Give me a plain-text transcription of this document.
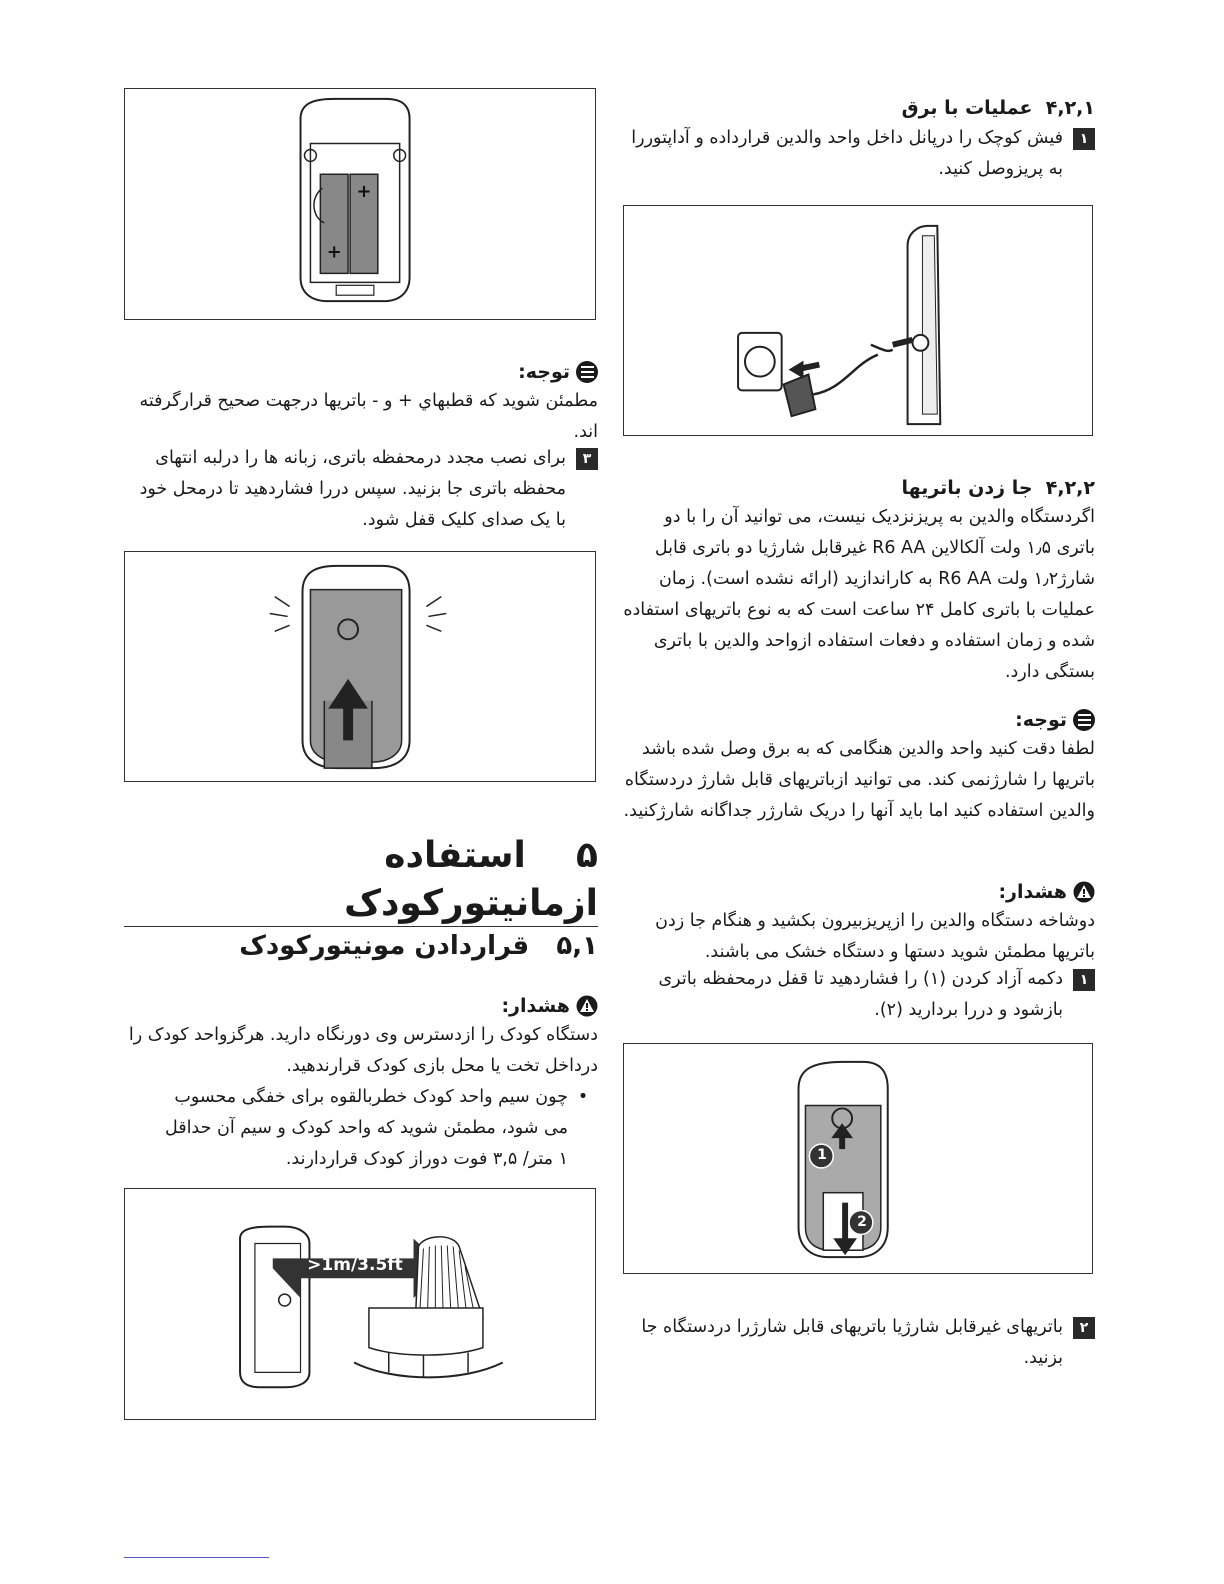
۴,۲,۱  عملیات با برق
۱
فیش کوچک را درپانل داخل واحد والدین قرارداده و آداپتوررا به پریزوصل کنید.
۴,۲,۲  جا زدن باتریها
اگردستگاه والدین به پریزنزدیک نیست، می توانید آن را با دو باتری ۱٫۵ ولت آلکالاین R6 AA غیرقابل شارژیا دو باتری قابل شارژ۱٫۲ ولت R6 AA به کاراندازید (ارائه نشده است). زمان عملیات با باتری کامل ۲۴ ساعت است که به نوع باتریهای استفاده شده و زمان استفاده و دفعات استفاده ازواحد والدین با باتری بستگی دارد.
توجه:
لطفا دقت کنید واحد والدین هنگامی که به برق وصل شده باشد باتریها را شارژنمی کند. می توانید ازباتریهای قابل شارژ دردستگاه والدین استفاده کنید اما باید آنها را دریک شارژر جداگانه شارژکنید.
هشدار:
دوشاخه دستگاه والدین را ازپریزبیرون بکشید و هنگام جا زدن باتریها مطمئن شوید دستها و دستگاه خشک می باشند.
۱
دکمه آزاد کردن (۱) را فشاردهید تا قفل درمحفظه باتری بازشود و دررا بردارید (۲).
1
2
۲
باتریهای غیرقابل شارژیا باتریهای قابل شارژرا دردستگاه جا بزنید.
+
+
توجه:
مطمئن شوید که قطبهاي + و - باتریها درجهت صحیح قرارگرفته اند.
۳
برای نصب مجدد درمحفظه باتری، زبانه ها را درلبه انتهای محفظه باتری جا بزنید. سپس دررا فشاردهید تا درمحل خود با یک صدای کلیک قفل شود.
۵    استفاده ازمانیتورکودک
۵,۱   قراردادن مونیتورکودک
هشدار:
دستگاه کودک را ازدسترس وی دورنگاه دارید. هرگزواحد کودک را درداخل تخت یا محل بازی کودک قرارندهید.
•
چون سیم واحد کودک خطربالقوه برای خفگی محسوب می شود، مطمئن شوید که واحد کودک و سیم آن حداقل ۱ متر/ ۳,۵ فوت دوراز کودک قراردارند.
>1m/3.5ft
